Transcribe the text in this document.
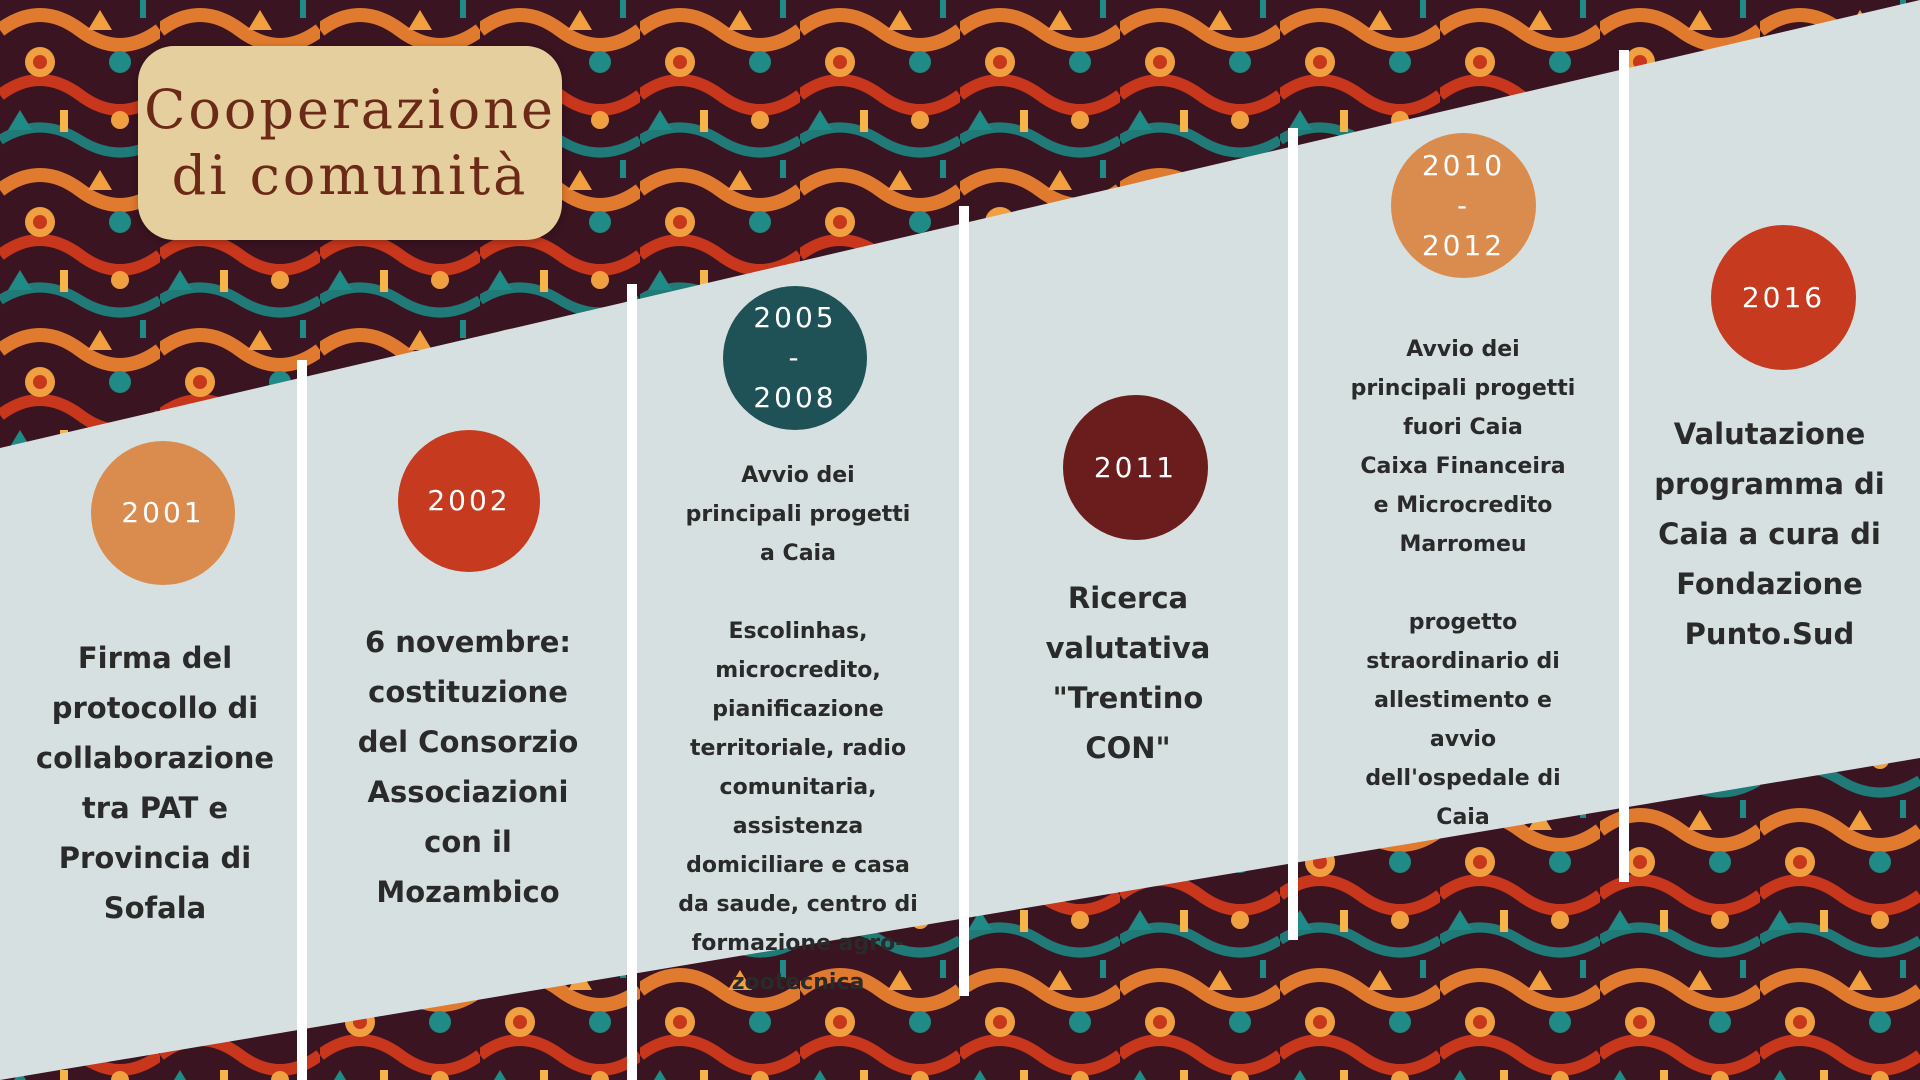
Cooperazione
di comunità
2001
Firma del
protocollo di
collaborazione
tra PAT e
Provincia di
Sofala
2002
6 novembre:
costituzione
del Consorzio
Associazioni
con il
Mozambico
2005
-
2008
Avvio dei
principali progetti
a Caia

Escolinhas,
microcredito,
pianificazione
territoriale, radio
comunitaria,
assistenza
domiciliare e casa
da saude, centro di
formazione agro-
zootecnica
2011
Ricerca
valutativa
"Trentino
CON"
2010
-
2012
Avvio dei
principali progetti
fuori Caia
Caixa Financeira
e Microcredito
Marromeu

progetto
straordinario di
allestimento e
avvio
dell'ospedale di
Caia
2016
Valutazione
programma di
Caia a cura di
Fondazione
Punto.Sud
